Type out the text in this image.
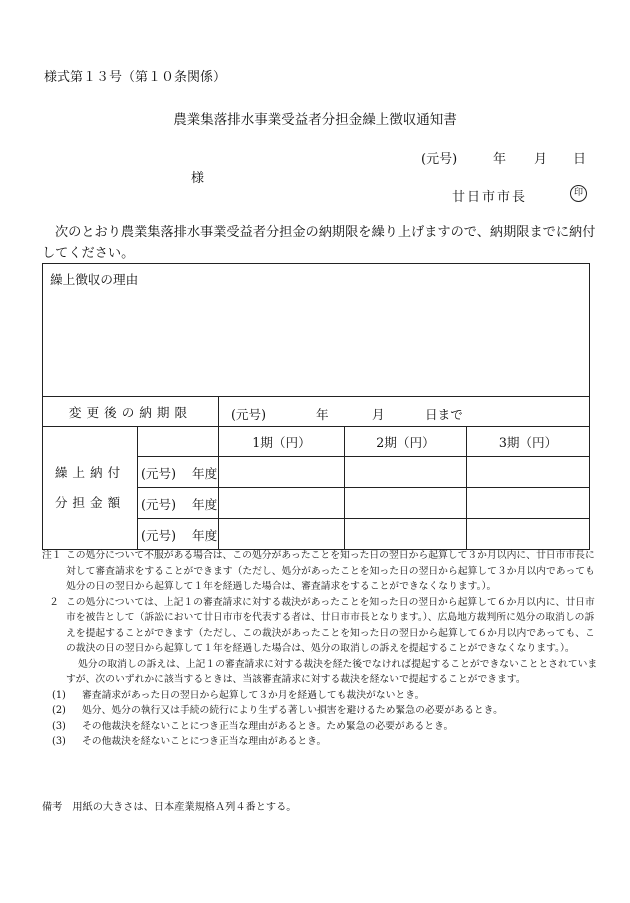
様式第１３号（第１０条関係）
農業集落排水事業受益者分担金繰上徴収通知書
(元号)	年 月 日
様
廿日市市長	印
次のとおり農業集落排水事業受益者分担金の納期限を繰り上げますので、納期限までに納付してください。
繰上徴収の理由				
変更後の納期限		(元号) 年 月 日まで		

繰上納付
分担金額		1期（円）	2期（円）	3期（円）
	(元号) 年度			
	(元号) 年度			
	(元号) 年度			
注１ この処分について不服がある場合は、この処分があったことを知った日の翌日から起算して３か月以内に、廿日市市長に対して審査請求をすることができます（ただし、処分があったことを知った日の翌日から起算して３か月以内であっても処分の日の翌日から起算して１年を経過した場合は、審査請求をすることができなくなります。）。
２ この処分については、上記１の審査請求に対する裁決があったことを知った日の翌日から起算して６か月以内に、廿日市市を被告として（訴訟において廿日市市を代表する者は、廿日市市長となります。）、広島地方裁判所に処分の取消しの訴えを提起することができます（ただし、この裁決があったことを知った日の翌日から起算して６か月以内であっても、この裁決の日の翌日から起算して１年を経過した場合は、処分の取消しの訴えを提起することができなくなります。）。
処分の取消しの訴えは、上記１の審査請求に対する裁決を経た後でなければ提起することができないこととされていますが、次のいずれかに該当するときは、当該審査請求に対する裁決を経ないで提起することができます。
(1)	審査請求があった日の翌日から起算して３か月を経過しても裁決がないとき。
(2)	処分、処分の執行又は手続の続行により生ずる著しい損害を避けるため緊急の必要があるとき。
(3)	その他裁決を経ないことにつき正当な理由があるとき。ため緊急の必要があるとき。
(3)	その他裁決を経ないことにつき正当な理由があるとき。
備考 用紙の大きさは、日本産業規格Ａ列４番とする。
